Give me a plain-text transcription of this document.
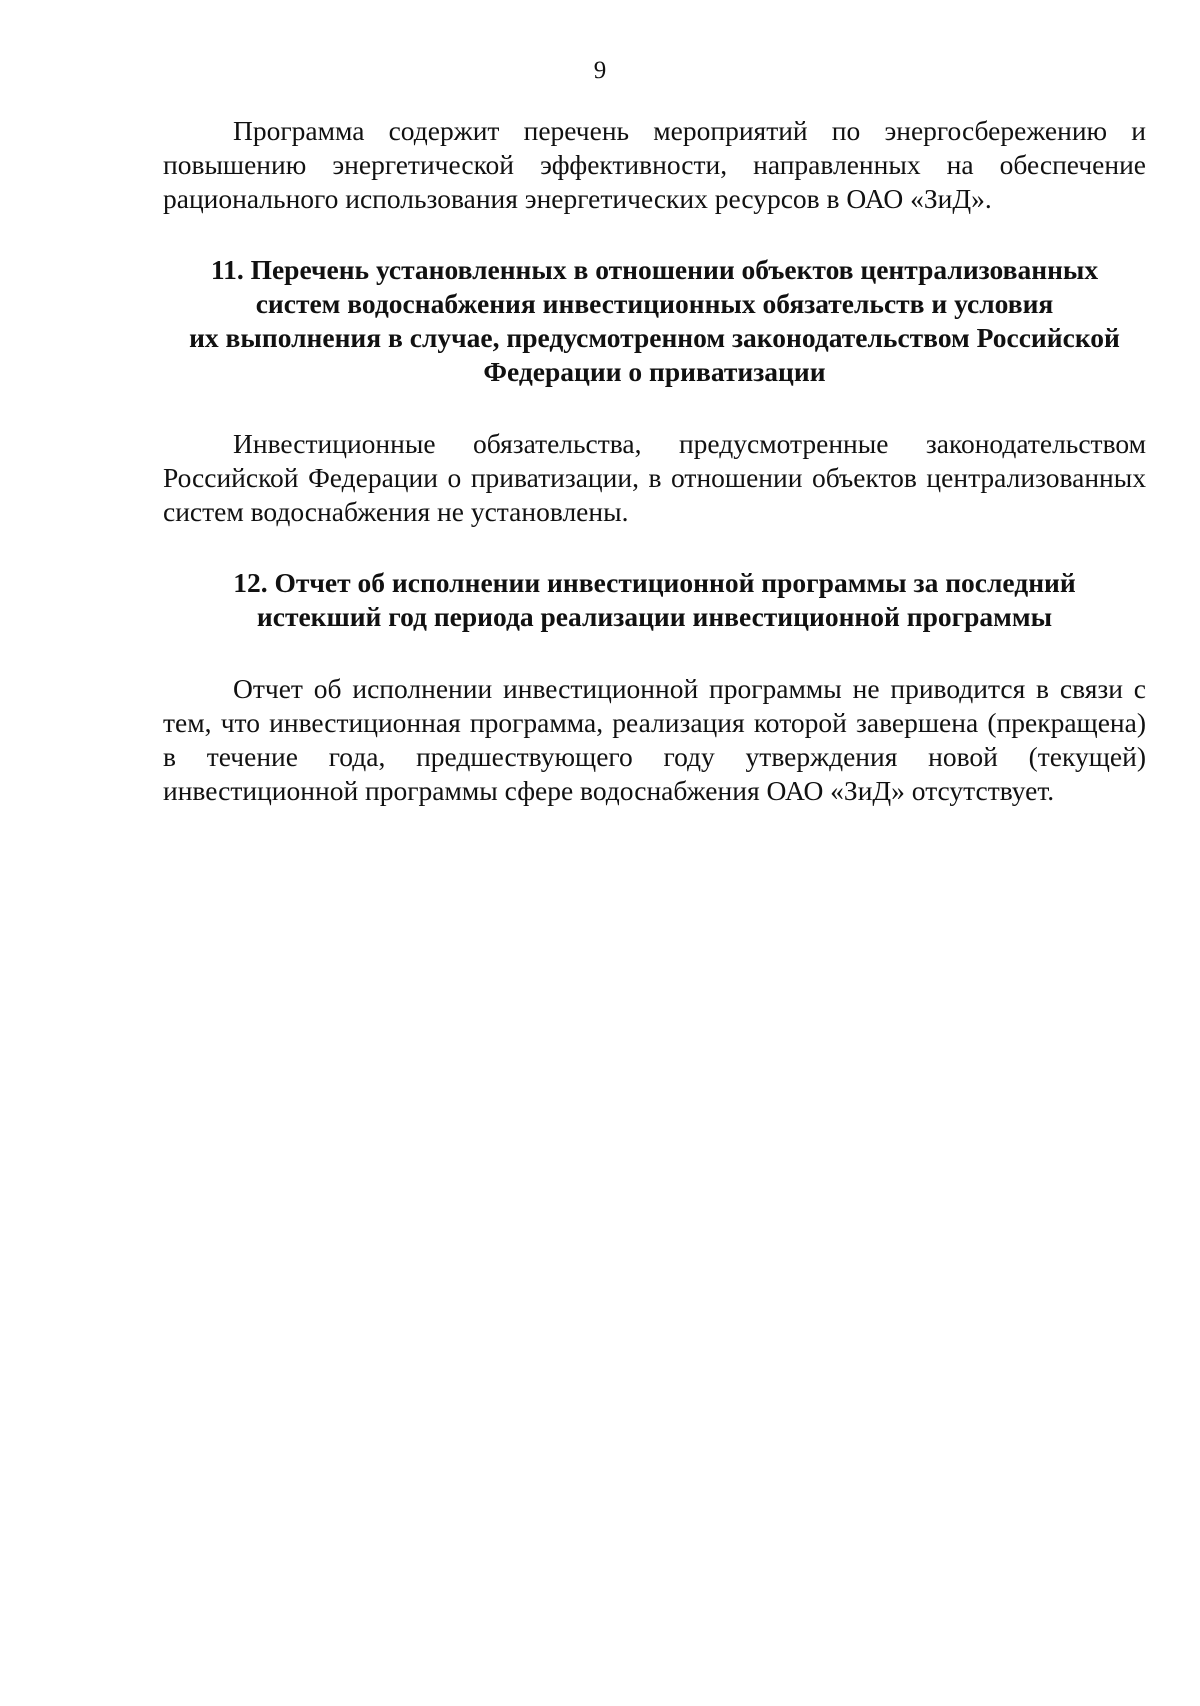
9

Программа содержит перечень мероприятий по энергосбережению и повышению энергетической эффективности, направленных на обеспечение рационального использования энергетических ресурсов в ОАО «ЗиД».

11. Перечень установленных в отношении объектов централизованных
систем водоснабжения инвестиционных обязательств и условия
их выполнения в случае, предусмотренном законодательством Российской
Федерации о приватизации

Инвестиционные обязательства, предусмотренные законодательством Российской Федерации о приватизации, в отношении объектов централизованных систем водоснабжения не установлены.

12. Отчет об исполнении инвестиционной программы за последний
истекший год периода реализации инвестиционной программы

Отчет об исполнении инвестиционной программы не приводится в связи с тем, что инвестиционная программа, реализация которой завершена (прекращена) в течение года, предшествующего году утверждения новой (текущей) инвестиционной программы сфере водоснабжения ОАО «ЗиД» отсутствует.
